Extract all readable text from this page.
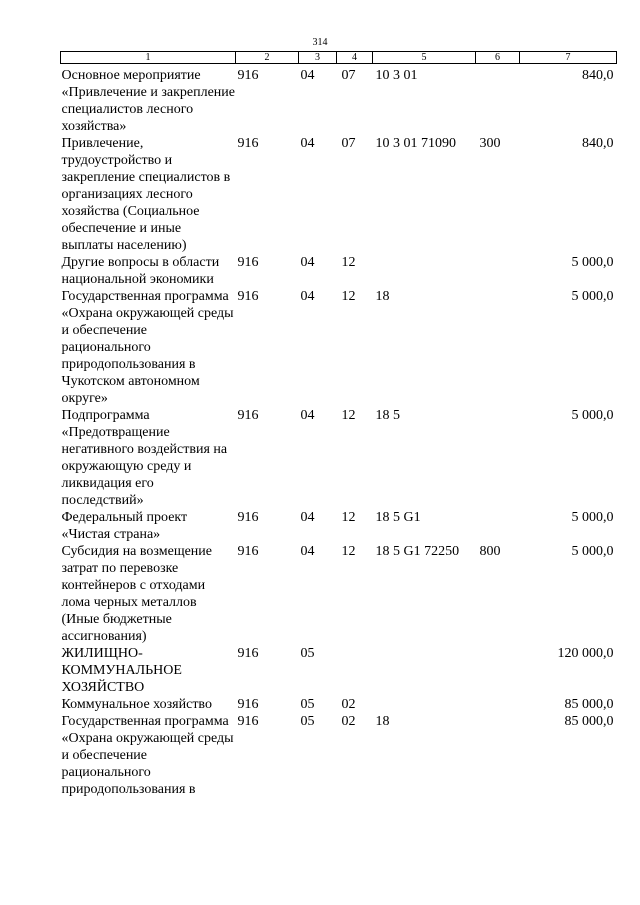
314
1	2	3	4	5	6	7
Основное мероприятие «Привлечение и закрепление специалистов лесного хозяйства»	916	04	07	10 3 01		840,0
Привлечение, трудоустройство и закрепление специалистов в организациях лесного хозяйства (Социальное обеспечение и иные выплаты населению)	916	04	07	10 3 01 71090	300	840,0
Другие вопросы в области национальной экономики	916	04	12			5 000,0
Государственная программа «Охрана окружающей среды и обеспечение рационального природопользования в Чукотском автономном округе»	916	04	12	18		5 000,0
Подпрограмма «Предотвращение негативного воздействия на окружающую среду и ликвидация его последствий»	916	04	12	18 5		5 000,0
Федеральный проект «Чистая страна»	916	04	12	18 5 G1		5 000,0
Субсидия на возмещение затрат по перевозке контейнеров с отходами лома черных металлов (Иные бюджетные ассигнования)	916	04	12	18 5 G1 72250	800	5 000,0
ЖИЛИЩНО-КОММУНАЛЬНОЕ ХОЗЯЙСТВО	916	05				120 000,0
Коммунальное хозяйство	916	05	02			85 000,0
Государственная программа «Охрана окружающей среды и обеспечение рационального природопользования в	916	05	02	18		85 000,0
